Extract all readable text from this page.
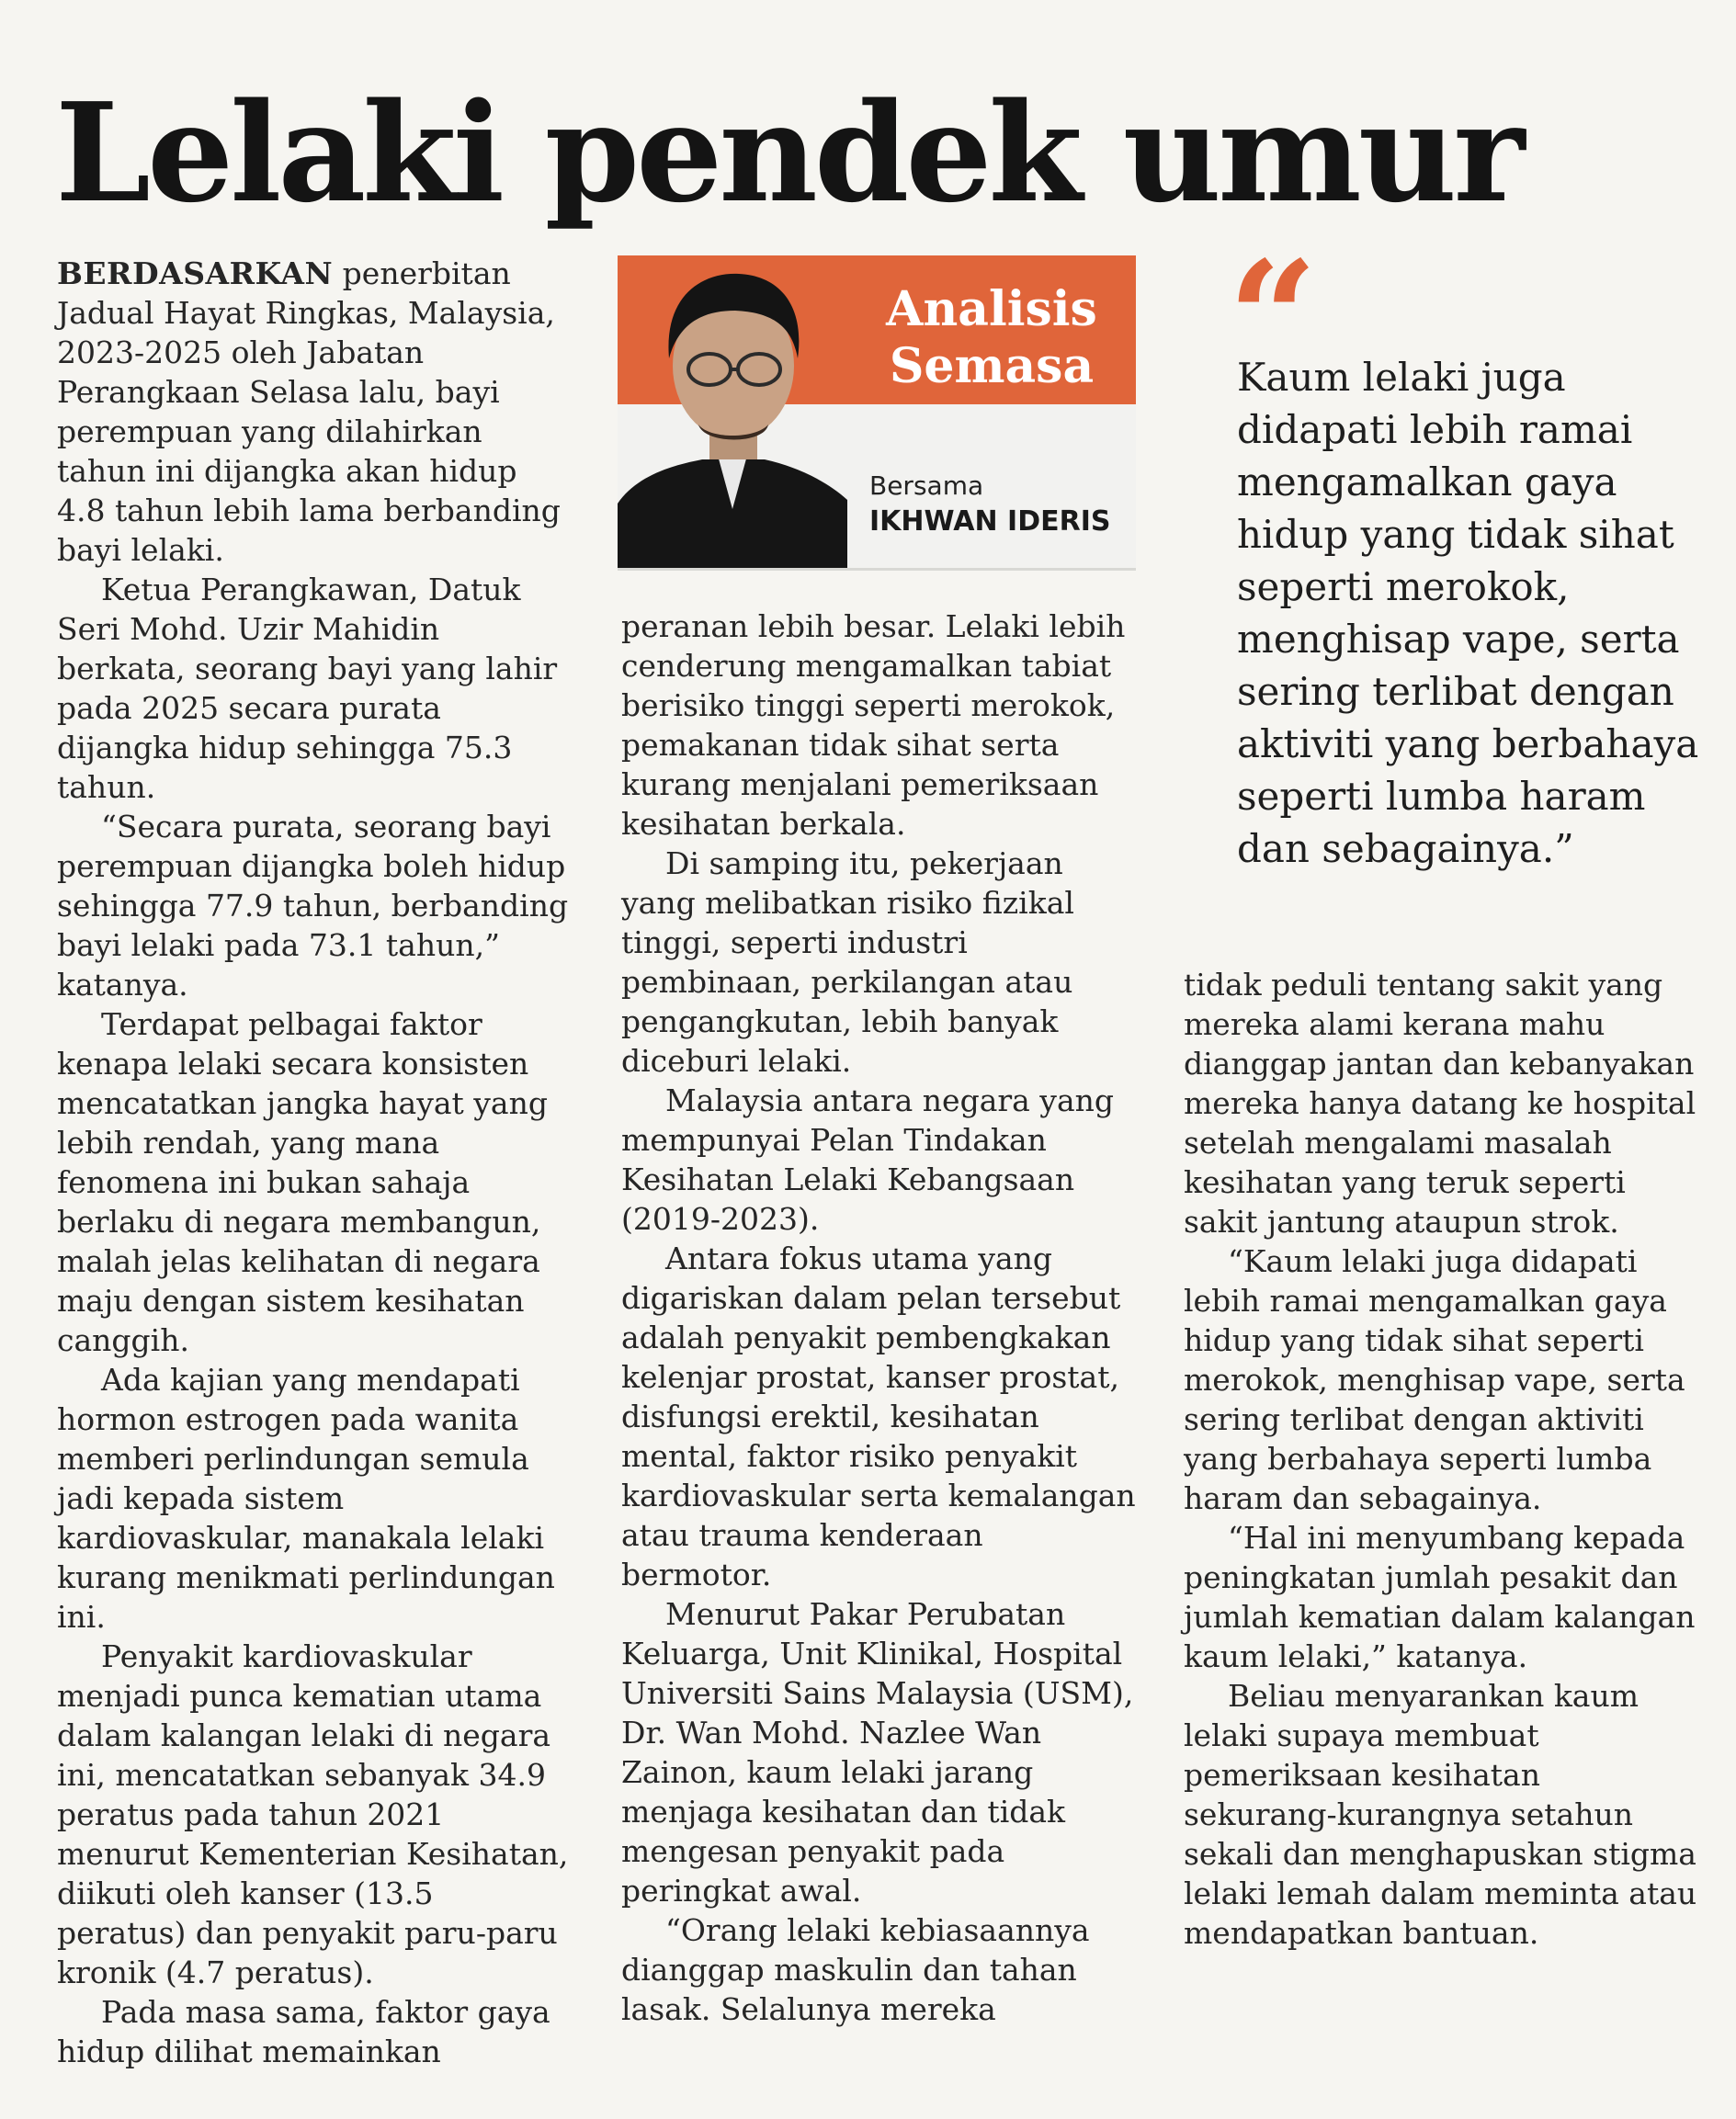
Lelaki pendek umur

BERDASARKAN penerbitan Jadual Hayat Ringkas, Malaysia, 2023-2025 oleh Jabatan Perangkaan Selasa lalu, bayi perempuan yang dilahirkan tahun ini dijangka akan hidup 4.8 tahun lebih lama berbanding bayi lelaki.

Ketua Perangkawan, Datuk Seri Mohd. Uzir Mahidin berkata, seorang bayi yang lahir pada 2025 secara purata dijangka hidup sehingga 75.3 tahun.

“Secara purata, seorang bayi perempuan dijangka boleh hidup sehingga 77.9 tahun, berbanding bayi lelaki pada 73.1 tahun,” katanya.

Terdapat pelbagai faktor kenapa lelaki secara konsisten mencatatkan jangka hayat yang lebih rendah, yang mana fenomena ini bukan sahaja berlaku di negara membangun, malah jelas kelihatan di negara maju dengan sistem kesihatan canggih.

Ada kajian yang mendapati hormon estrogen pada wanita memberi perlindungan semula jadi kepada sistem kardiovaskular, manakala lelaki kurang menikmati perlindungan ini.

Penyakit kardiovaskular menjadi punca kematian utama dalam kalangan lelaki di negara ini, mencatatkan sebanyak 34.9 peratus pada tahun 2021 menurut Kementerian Kesihatan, diikuti oleh kanser (13.5 peratus) dan penyakit paru-paru kronik (4.7 peratus).

Pada masa sama, faktor gaya hidup dilihat memainkan

Analisis
Semasa
Bersama
IKHWAN IDERIS

peranan lebih besar. Lelaki lebih cenderung mengamalkan tabiat berisiko tinggi seperti merokok, pemakanan tidak sihat serta kurang menjalani pemeriksaan kesihatan berkala.

Di samping itu, pekerjaan yang melibatkan risiko fizikal tinggi, seperti industri pembinaan, perkilangan atau pengangkutan, lebih banyak diceburi lelaki.

Malaysia antara negara yang mempunyai Pelan Tindakan Kesihatan Lelaki Kebangsaan (2019-2023).

Antara fokus utama yang digariskan dalam pelan tersebut adalah penyakit pembengkakan kelenjar prostat, kanser prostat, disfungsi erektil, kesihatan mental, faktor risiko penyakit kardiovaskular serta kemalangan atau trauma kenderaan bermotor.

Menurut Pakar Perubatan Keluarga, Unit Klinikal, Hospital Universiti Sains Malaysia (USM), Dr. Wan Mohd. Nazlee Wan Zainon, kaum lelaki jarang menjaga kesihatan dan tidak mengesan penyakit pada peringkat awal.

“Orang lelaki kebiasaannya dianggap maskulin dan tahan lasak. Selalunya mereka

“

Kaum lelaki juga didapati lebih ramai mengamalkan gaya hidup yang tidak sihat seperti merokok, menghisap vape, serta sering terlibat dengan aktiviti yang berbahaya seperti lumba haram dan sebagainya.”

tidak peduli tentang sakit yang mereka alami kerana mahu dianggap jantan dan kebanyakan mereka hanya datang ke hospital setelah mengalami masalah kesihatan yang teruk seperti sakit jantung ataupun strok.

“Kaum lelaki juga didapati lebih ramai mengamalkan gaya hidup yang tidak sihat seperti merokok, menghisap vape, serta sering terlibat dengan aktiviti yang berbahaya seperti lumba haram dan sebagainya.

“Hal ini menyumbang kepada peningkatan jumlah pesakit dan jumlah kematian dalam kalangan kaum lelaki,” katanya.

Beliau menyarankan kaum lelaki supaya membuat pemeriksaan kesihatan sekurang-kurangnya setahun sekali dan menghapuskan stigma lelaki lemah dalam meminta atau mendapatkan bantuan.
